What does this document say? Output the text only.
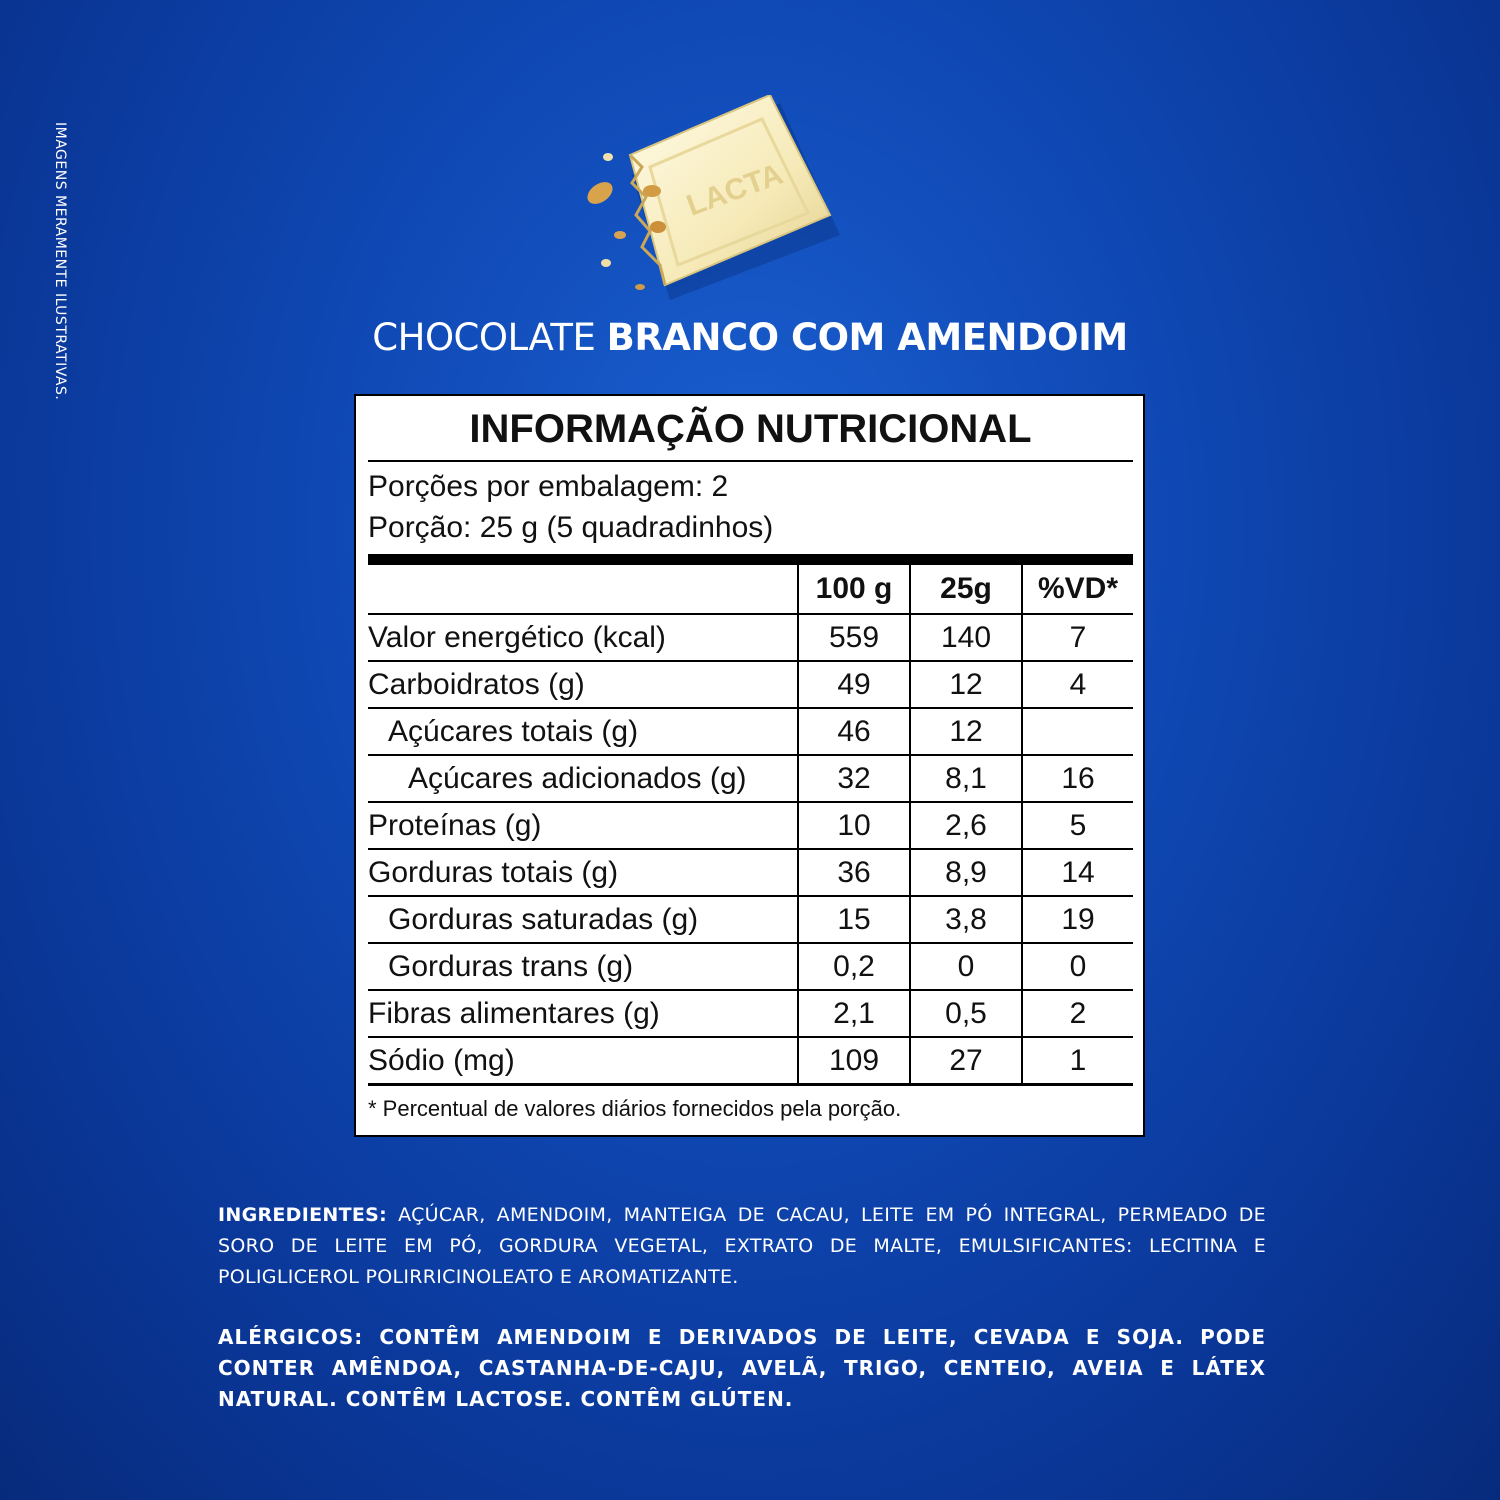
IMAGENS MERAMENTE ILUSTRATIVAS.	LACTA
CHOCOLATE BRANCO COM AMENDOIM
INFORMAÇÃO NUTRICIONAL
Porções por embalagem: 2
Porção: 25 g (5 quadradinhos)
	100 g	25g	%VD*
Valor energético (kcal)	559	140	7
Carboidratos (g)	49	12	4
Açúcares totais (g)	46	12	
Açúcares adicionados (g)	32	8,1	16
Proteínas (g)	10	2,6	5
Gorduras totais (g)	36	8,9	14
Gorduras saturadas (g)	15	3,8	19
Gorduras trans (g)	0,2	0	0
Fibras alimentares (g)	2,1	0,5	2
Sódio (mg)	109	27	1
* Percentual de valores diários fornecidos pela porção.
INGREDIENTES: AÇÚCAR, AMENDOIM, MANTEIGA DE CACAU, LEITE EM PÓ INTEGRAL, PERMEADO DE SORO DE LEITE EM PÓ, GORDURA VEGETAL, EXTRATO DE MALTE, EMULSIFICANTES: LECITINA E POLIGLICEROL POLIRRICINOLEATO E AROMATIZANTE.
ALÉRGICOS: CONTÊM AMENDOIM E DERIVADOS DE LEITE, CEVADA E SOJA. PODE CONTER AMÊNDOA, CASTANHA-DE-CAJU, AVELÃ, TRIGO, CENTEIO, AVEIA E LÁTEX NATURAL. CONTÊM LACTOSE. CONTÊM GLÚTEN.
